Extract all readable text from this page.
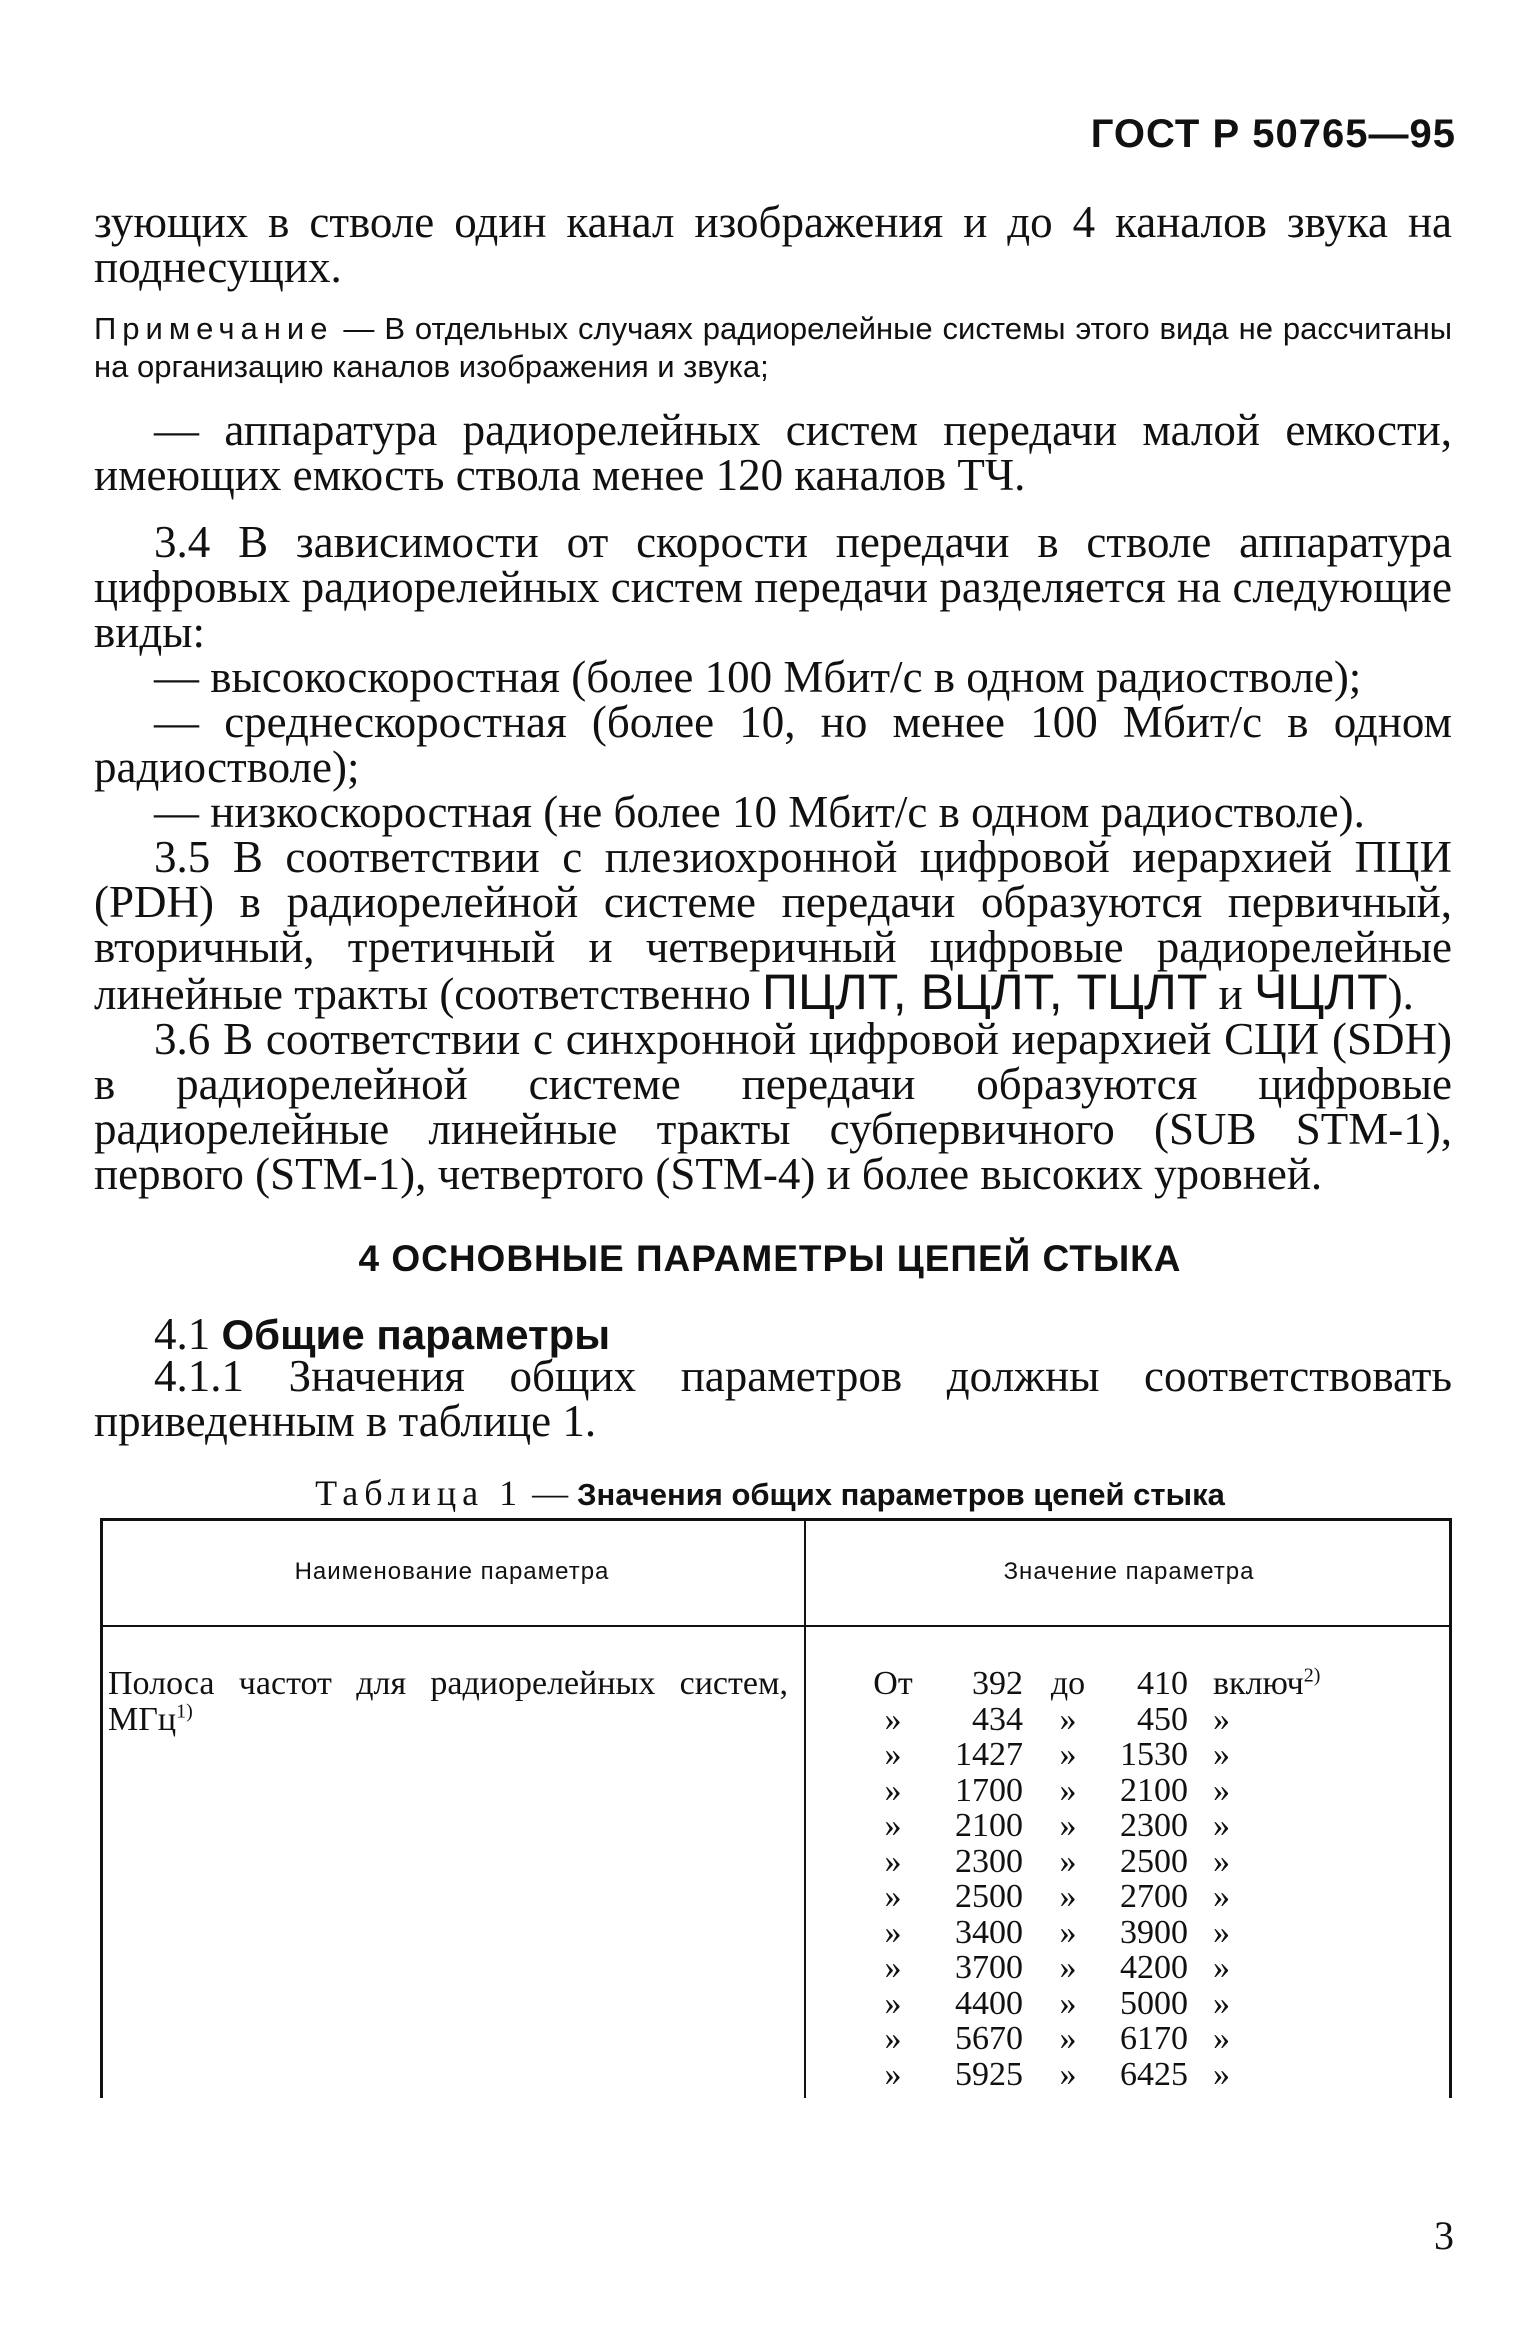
ГОСТ Р 50765—95

зующих в стволе один канал изображения и до 4 каналов звука на поднесущих.

Примечание — В отдельных случаях радиорелейные системы этого вида не рассчитаны на организацию каналов изображения и звука;

— аппаратура радиорелейных систем передачи малой емкости, имеющих емкость ствола менее 120 каналов ТЧ.

3.4 В зависимости от скорости передачи в стволе аппаратура цифровых радиорелейных систем передачи разделяется на следующие виды:

— высокоскоростная (более 100 Мбит/с в одном радиостволе);

— среднескоростная (более 10, но менее 100 Мбит/с в одном радиостволе);

— низкоскоростная (не более 10 Мбит/с в одном радиостволе).

3.5 В соответствии с плезиохронной цифровой иерархией ПЦИ (PDH) в радиорелейной системе передачи образуются первичный, вторичный, третичный и четверичный цифровые радиорелейные линейные тракты (соответственно ПЦЛТ, ВЦЛТ, ТЦЛТ и ЧЦЛТ).

3.6 В соответствии с синхронной цифровой иерархией СЦИ (SDH) в радиорелейной системе передачи образуются цифровые радиорелейные линейные тракты субпервичного (SUB STM-1), первого (STM-1), четвертого (STM-4) и более высоких уровней.

4 ОСНОВНЫЕ ПАРАМЕТРЫ ЦЕПЕЙ СТЫКА
4.1 Общие параметры

4.1.1 Значения общих параметров должны соответствовать приведенным в таблице 1.

Таблица 1 — Значения общих параметров цепей стыка
Наименование параметра	Значение параметра
Полоса частот для радиорелейных систем, МГц$^{1)}$
От	392 до	410 включ$^{2)}$
»	434	»	450 »
»	1427	»	1530 »
»	1700	»	2100 »
»	2100	»	2300 »
»	2300	»	2500 »
»	2500	»	2700 »
»	3400	»	3900 »
»	3700	»	4200 »
»	4400	»	5000 »
»	5670	»	6170 »
»	5925	»	6425 »
3
